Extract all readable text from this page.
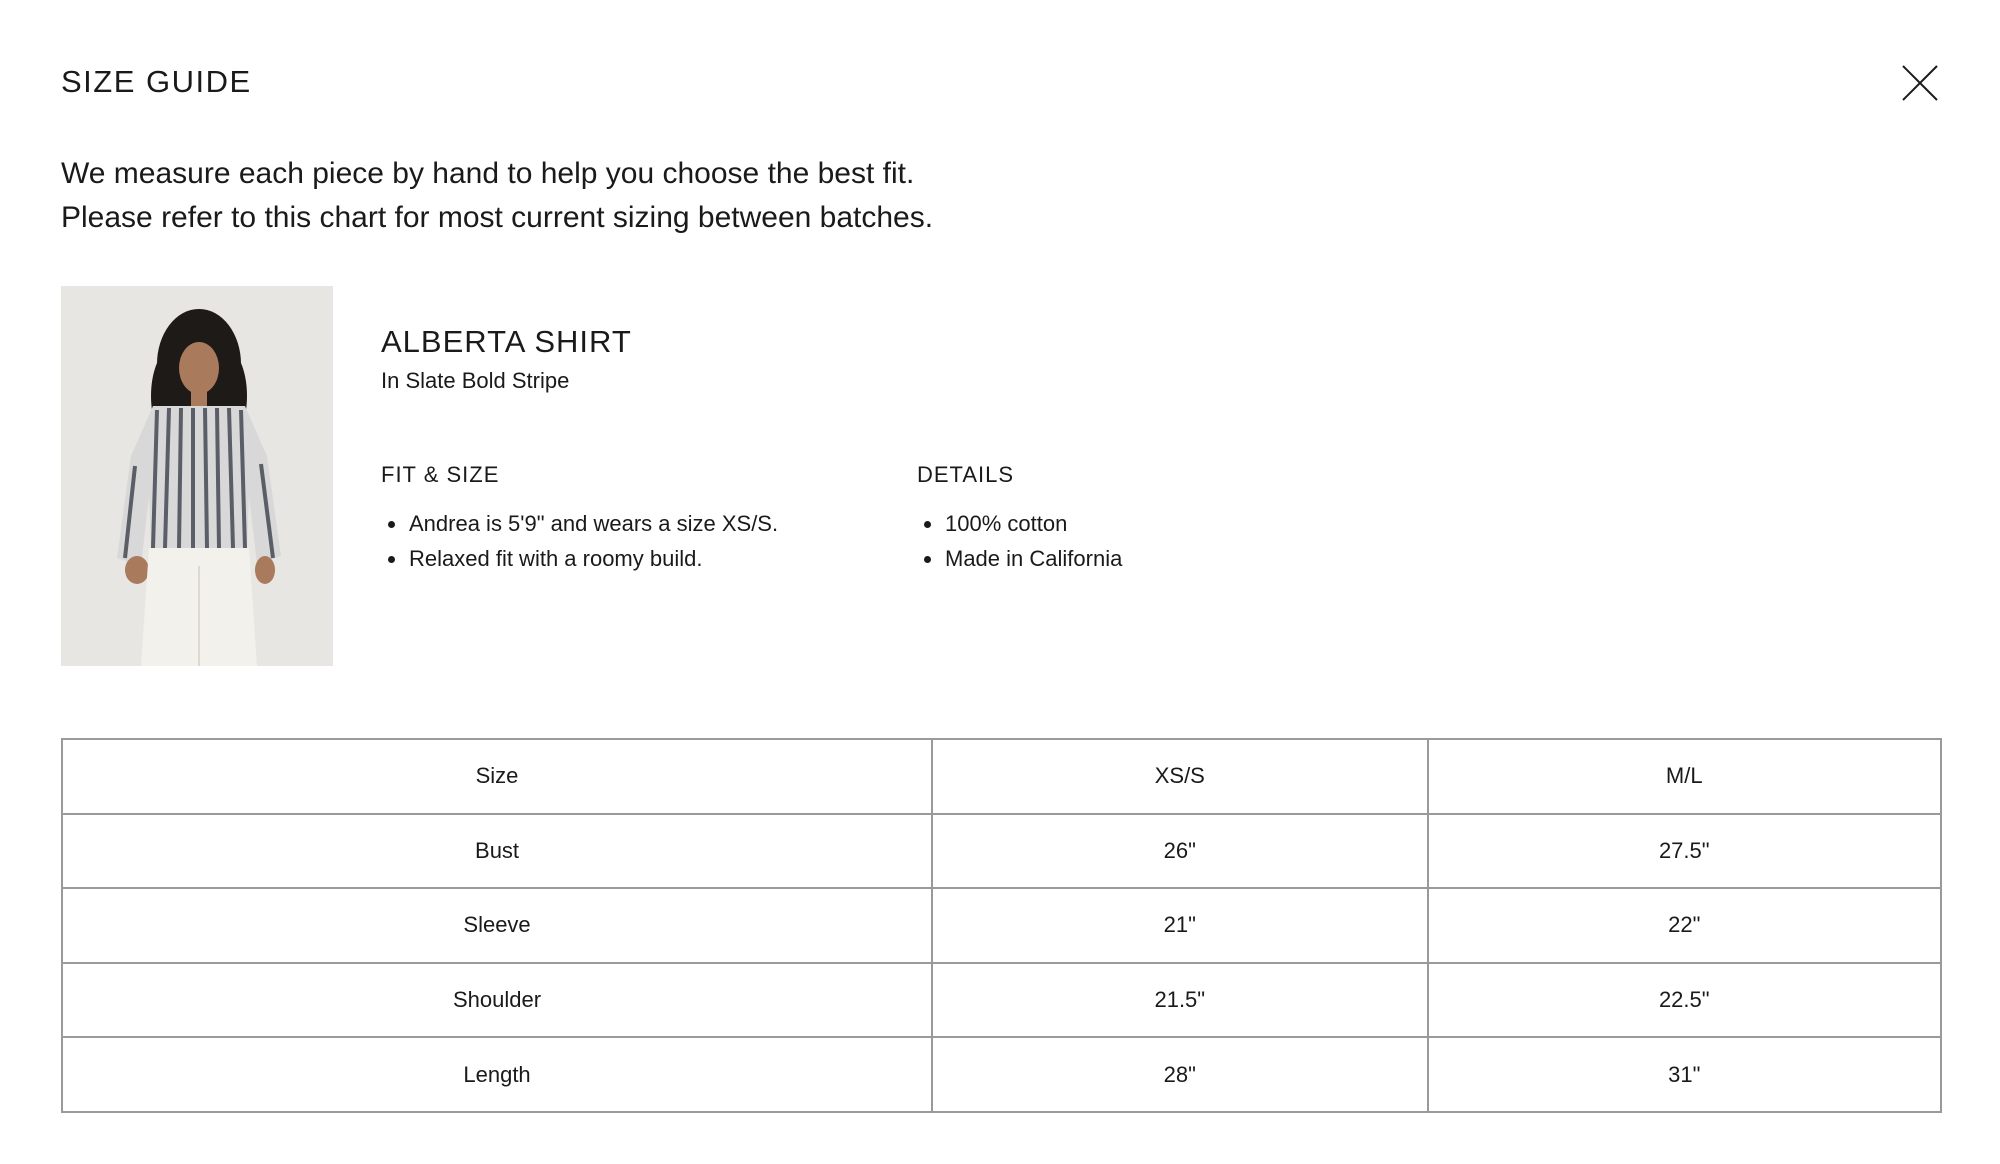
SIZE GUIDE

We measure each piece by hand to help you choose the best fit.

Please refer to this chart for most current sizing between batches.

ALBERTA SHIRT

In Slate Bold Stripe

FIT & SIZE
Andrea is 5'9" and wears a size XS/S.
Relaxed fit with a roomy build.
DETAILS
100% cotton
Made in California
Size	XS/S	M/L
Bust	26"	27.5"
Sleeve	21"	22"
Shoulder	21.5"	22.5"
Length	28"	31"
